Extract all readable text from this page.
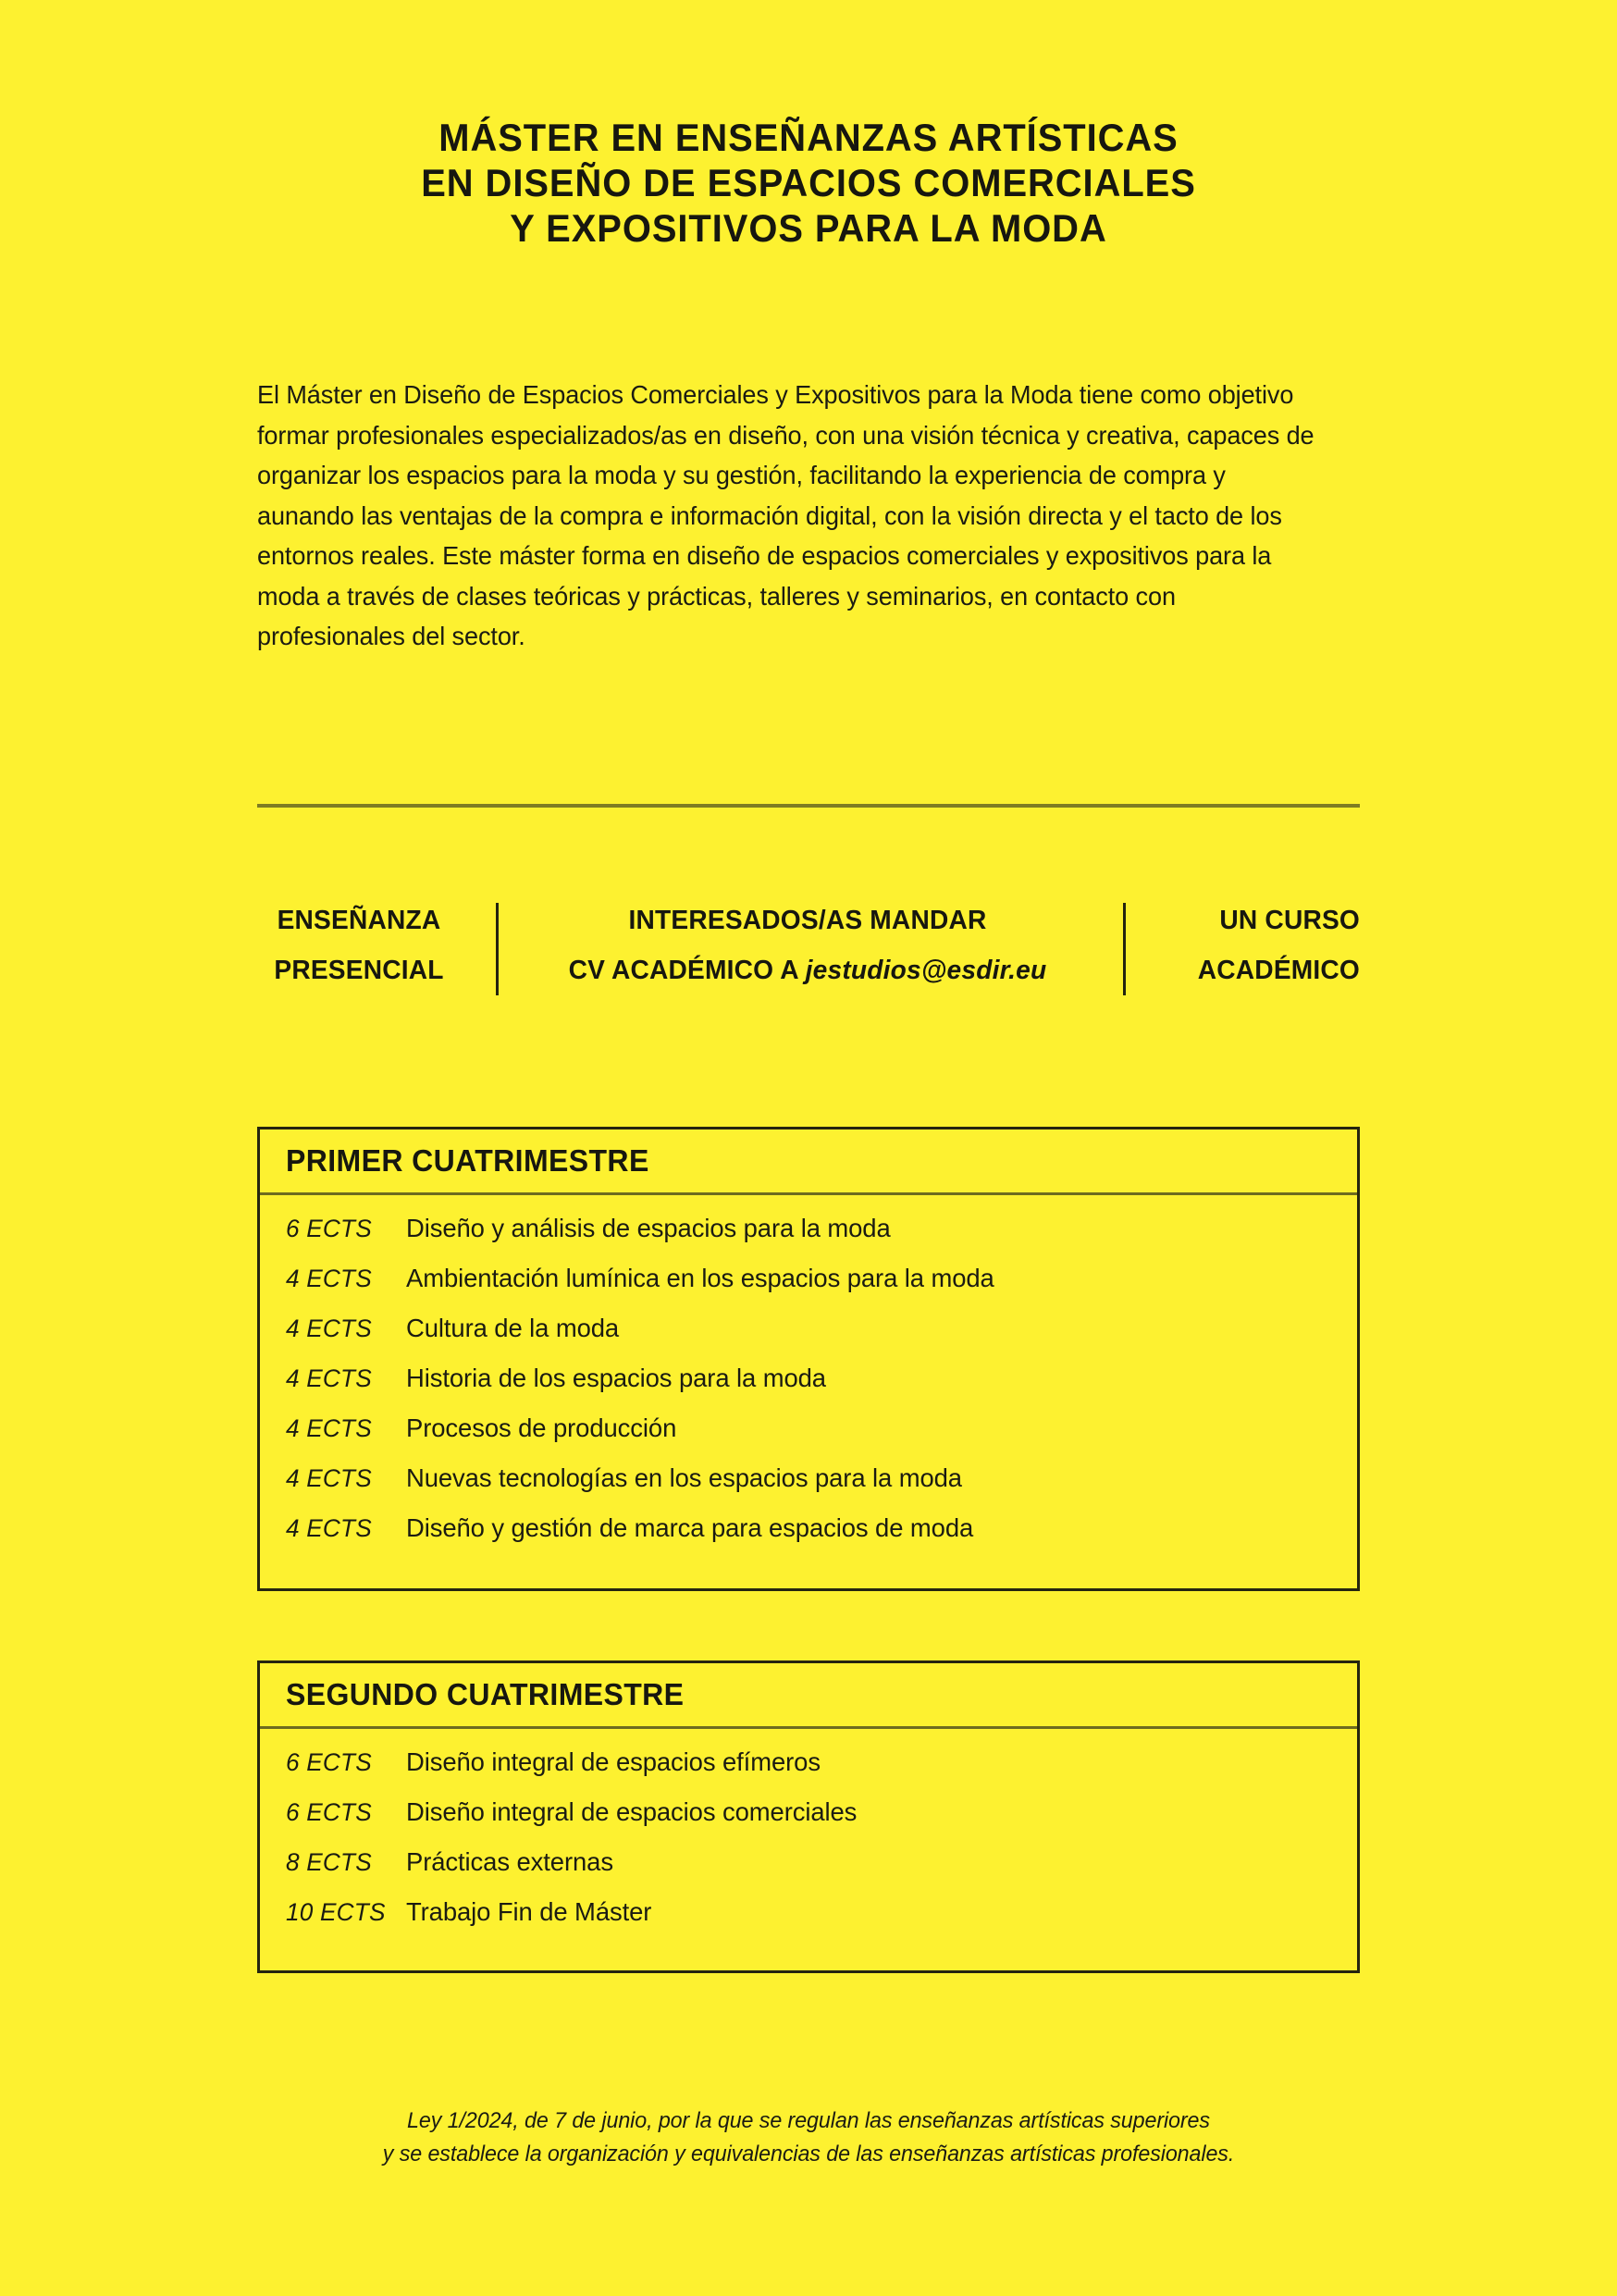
MÁSTER EN ENSEÑANZAS ARTÍSTICAS
EN DISEÑO DE ESPACIOS COMERCIALES
Y EXPOSITIVOS PARA LA MODA
El Máster en Diseño de Espacios Comerciales y Expositivos para la Moda tiene como objetivo formar profesionales especializados/as en diseño, con una visión técnica y creativa, capaces de organizar los espacios para la moda y su gestión, facilitando la experiencia de compra y aunando las ventajas de la compra e información digital, con la visión directa y el tacto de los entornos reales. Este máster forma en diseño de espacios comerciales y expositivos para la moda a través de clases teóricas y prácticas, talleres y seminarios, en contacto con profesionales del sector.
ENSEÑANZA
PRESENCIAL
INTERESADOS/AS MANDAR
CV ACADÉMICO A jestudios@esdir.eu
UN CURSO
ACADÉMICO
PRIMER CUATRIMESTRE
6 ECTS	Diseño y análisis de espacios para la moda
4 ECTS	Ambientación lumínica en los espacios para la moda
4 ECTS	Cultura de la moda
4 ECTS	Historia de los espacios para la moda
4 ECTS	Procesos de producción
4 ECTS	Nuevas tecnologías en los espacios para la moda
4 ECTS	Diseño y gestión de marca para espacios de moda
SEGUNDO CUATRIMESTRE
6 ECTS	Diseño integral de espacios efímeros
6 ECTS	Diseño integral de espacios comerciales
8 ECTS	Prácticas externas
10 ECTS Trabajo Fin de Máster
Ley 1/2024, de 7 de junio, por la que se regulan las enseñanzas artísticas superiores
y se establece la organización y equivalencias de las enseñanzas artísticas profesionales.
